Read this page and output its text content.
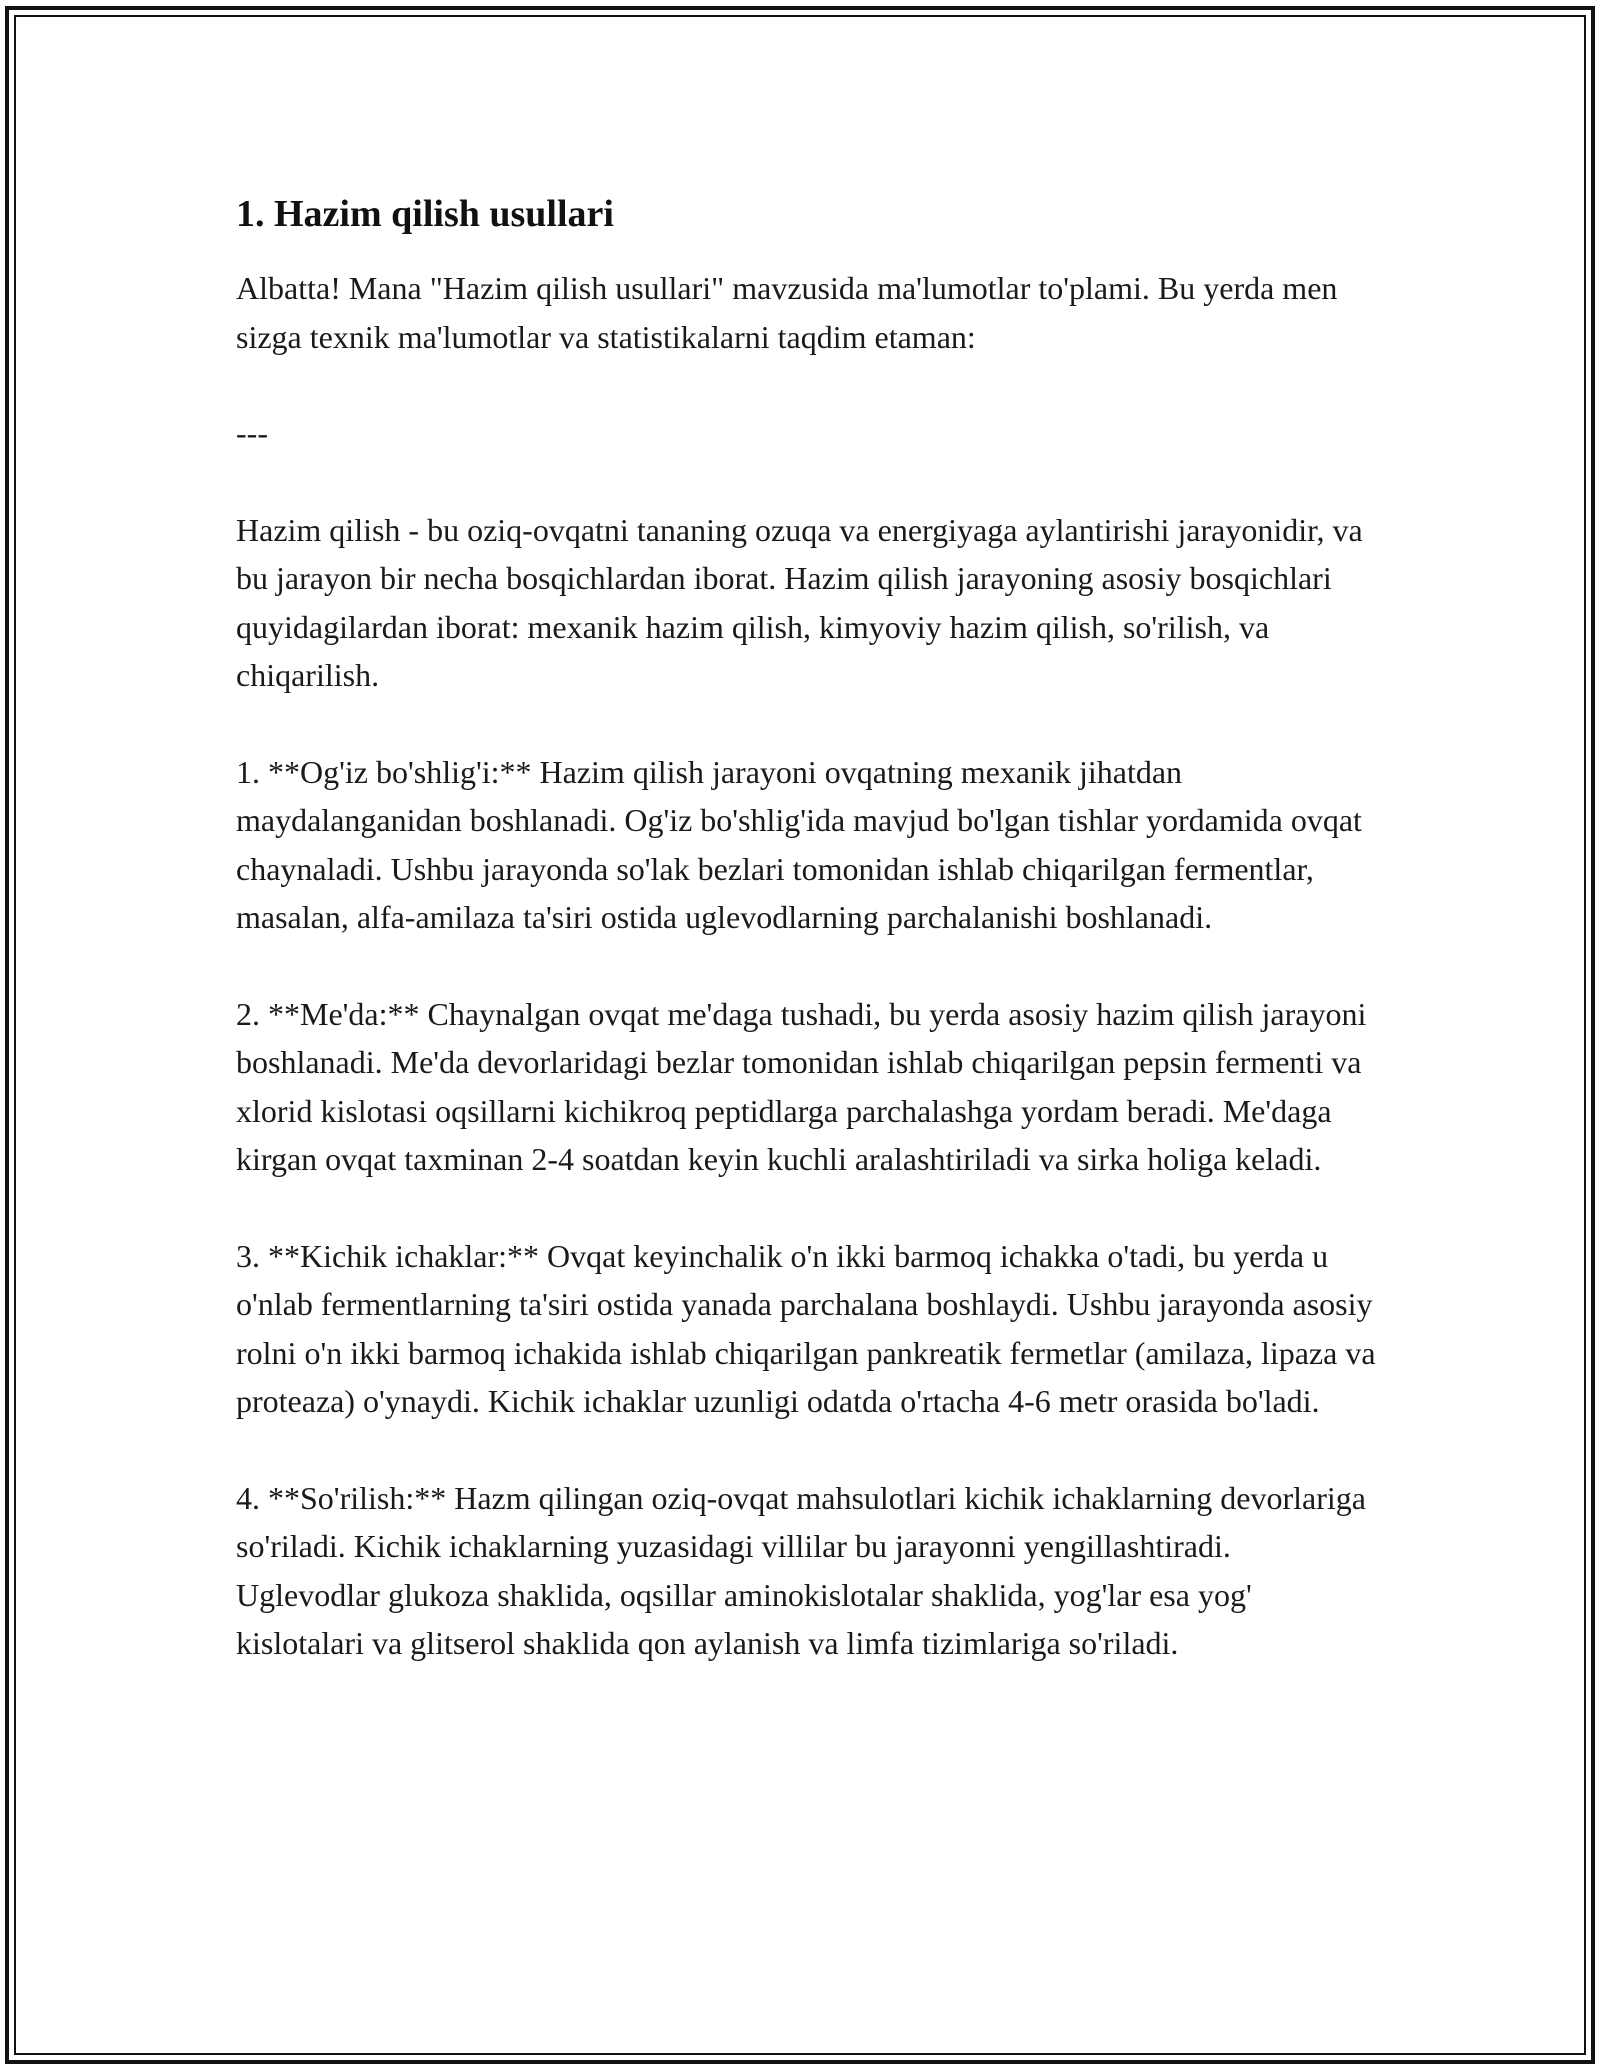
1. Hazim qilish usullari

Albatta! Mana "Hazim qilish usullari" mavzusida ma'lumotlar to'plami. Bu yerda men sizga texnik ma'lumotlar va statistikalarni taqdim etaman:

---

Hazim qilish - bu oziq-ovqatni tananing ozuqa va energiyaga aylantirishi jarayonidir, va bu jarayon bir necha bosqichlardan iborat. Hazim qilish jarayoning asosiy bosqichlari quyidagilardan iborat: mexanik hazim qilish, kimyoviy hazim qilish, so'rilish, va chiqarilish.

1. **Og'iz bo'shlig'i:** Hazim qilish jarayoni ovqatning mexanik jihatdan maydalanganidan boshlanadi. Og'iz bo'shlig'ida mavjud bo'lgan tishlar yordamida ovqat chaynaladi. Ushbu jarayonda so'lak bezlari tomonidan ishlab chiqarilgan fermentlar, masalan, alfa-amilaza ta'siri ostida uglevodlarning parchalanishi boshlanadi.

2. **Me'da:** Chaynalgan ovqat me'daga tushadi, bu yerda asosiy hazim qilish jarayoni boshlanadi. Me'da devorlaridagi bezlar tomonidan ishlab chiqarilgan pepsin fermenti va xlorid kislotasi oqsillarni kichikroq peptidlarga parchalashga yordam beradi. Me'daga kirgan ovqat taxminan 2-4 soatdan keyin kuchli aralashtiriladi va sirka holiga keladi.

3. **Kichik ichaklar:** Ovqat keyinchalik o'n ikki barmoq ichakka o'tadi, bu yerda u o'nlab fermentlarning ta'siri ostida yanada parchalana boshlaydi. Ushbu jarayonda asosiy rolni o'n ikki barmoq ichakida ishlab chiqarilgan pankreatik fermetlar (amilaza, lipaza va proteaza) o'ynaydi. Kichik ichaklar uzunligi odatda o'rtacha 4-6 metr orasida bo'ladi.

4. **So'rilish:** Hazm qilingan oziq-ovqat mahsulotlari kichik ichaklarning devorlariga so'riladi. Kichik ichaklarning yuzasidagi villilar bu jarayonni yengillashtiradi. Uglevodlar glukoza shaklida, oqsillar aminokislotalar shaklida, yog'lar esa yog' kislotalari va glitserol shaklida qon aylanish va limfa tizimlariga so'riladi.
